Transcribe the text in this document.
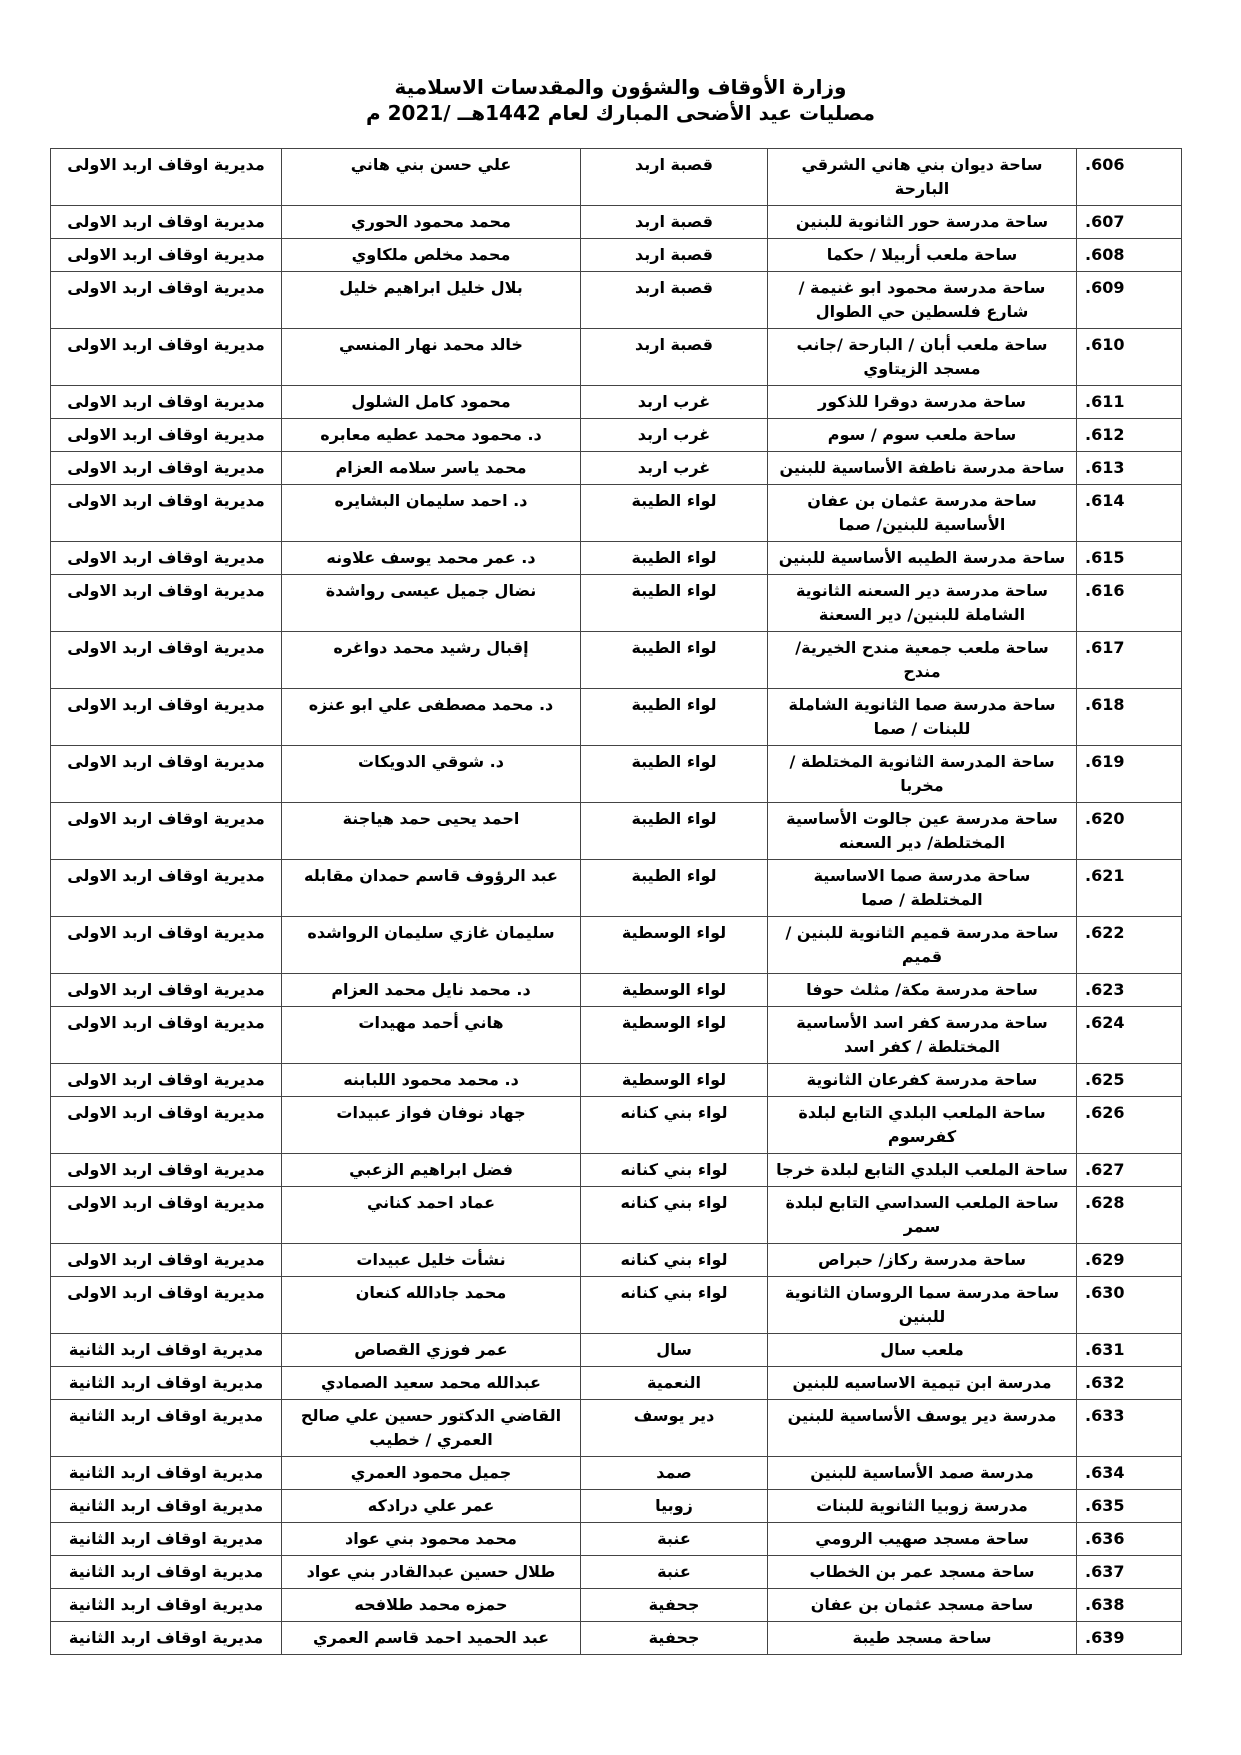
وزارة الأوقاف والشؤون والمقدسات الاسلامية
مصليات عيد الأضحى المبارك لعام 1442هــ /2021 م
.606	ساحة ديوان بني هاني الشرقي البارحة	قصبة اربد	علي حسن بني هاني	مديرية اوقاف اربد الاولى
.607	ساحة مدرسة حور الثانوية للبنين	قصبة اربد	محمد محمود الحوري	مديرية اوقاف اربد الاولى
.608	ساحة ملعب أربيلا / حكما	قصبة اربد	محمد مخلص ملكاوي	مديرية اوقاف اربد الاولى
.609	ساحة مدرسة محمود ابو غنيمة / شارع فلسطين حي الطوال	قصبة اربد	بلال خليل ابراهيم خليل	مديرية اوقاف اربد الاولى
.610	ساحة ملعب أبان / البارحة /جانب مسجد الزيتاوي	قصبة اربد	خالد محمد نهار المنسي	مديرية اوقاف اربد الاولى
.611	ساحة مدرسة دوقرا للذكور	غرب اربد	محمود كامل الشلول	مديرية اوقاف اربد الاولى
.612	ساحة ملعب سوم / سوم	غرب اربد	د. محمود محمد عطيه معابره	مديرية اوقاف اربد الاولى
.613	ساحة مدرسة ناطفة الأساسية للبنين	غرب اربد	محمد ياسر سلامه العزام	مديرية اوقاف اربد الاولى
.614	ساحة مدرسة عثمان بن عفان الأساسية للبنين/ صما	لواء الطيبة	د. احمد سليمان البشايره	مديرية اوقاف اربد الاولى
.615	ساحة مدرسة الطيبه الأساسية للبنين	لواء الطيبة	د. عمر محمد يوسف علاونه	مديرية اوقاف اربد الاولى
.616	ساحة مدرسة دير السعنه الثانوية الشاملة للبنين/ دير السعنة	لواء الطيبة	نضال جميل عيسى رواشدة	مديرية اوقاف اربد الاولى
.617	ساحة ملعب جمعية مندح الخيرية/ مندح	لواء الطيبة	إقبال رشيد محمد دواغره	مديرية اوقاف اربد الاولى
.618	ساحة مدرسة صما الثانوية الشاملة للبنات / صما	لواء الطيبة	د. محمد مصطفى علي ابو عنزه	مديرية اوقاف اربد الاولى
.619	ساحة المدرسة الثانوية المختلطة / مخربا	لواء الطيبة	د. شوقي الدويكات	مديرية اوقاف اربد الاولى
.620	ساحة مدرسة عين جالوت الأساسية المختلطة/ دير السعنه	لواء الطيبة	احمد يحيى حمد هياجنة	مديرية اوقاف اربد الاولى
.621	ساحة مدرسة صما الاساسية المختلطة / صما	لواء الطيبة	عبد الرؤوف قاسم حمدان مقابله	مديرية اوقاف اربد الاولى
.622	ساحة مدرسة قميم الثانوية للبنين / قميم	لواء الوسطية	سليمان غازي سليمان الرواشده	مديرية اوقاف اربد الاولى
.623	ساحة مدرسة مكة/ مثلث حوفا	لواء الوسطية	د. محمد نايل محمد العزام	مديرية اوقاف اربد الاولى
.624	ساحة مدرسة كفر اسد الأساسية المختلطة / كفر اسد	لواء الوسطية	هاني أحمد مهيدات	مديرية اوقاف اربد الاولى
.625	ساحة مدرسة كفرعان الثانوية	لواء الوسطية	د. محمد محمود اللبابنه	مديرية اوقاف اربد الاولى
.626	ساحة الملعب البلدي التابع لبلدة كفرسوم	لواء بني كنانه	جهاد نوفان فواز عبيدات	مديرية اوقاف اربد الاولى
.627	ساحة الملعب البلدي التابع لبلدة خرجا	لواء بني كنانه	فضل ابراهيم الزعبي	مديرية اوقاف اربد الاولى
.628	ساحة الملعب السداسي التابع لبلدة سمر	لواء بني كنانه	عماد احمد كناني	مديرية اوقاف اربد الاولى
.629	ساحة مدرسة ركاز/ حبراص	لواء بني كنانه	نشأت خليل عبيدات	مديرية اوقاف اربد الاولى
.630	ساحة مدرسة سما الروسان الثانوية للبنين	لواء بني كنانه	محمد جادالله كنعان	مديرية اوقاف اربد الاولى
.631	ملعب سال	سال	عمر فوزي القصاص	مديرية اوقاف اربد الثانية
.632	مدرسة ابن تيمية الاساسيه للبنين	النعمية	عبدالله محمد سعيد الصمادي	مديرية اوقاف اربد الثانية
.633	مدرسة دير يوسف الأساسية للبنين	دير يوسف	القاضي الدكتور حسين علي صالح العمري / خطيب	مديرية اوقاف اربد الثانية
.634	مدرسة صمد الأساسية للبنين	صمد	جميل محمود العمري	مديرية اوقاف اربد الثانية
.635	مدرسة زوبيا الثانوية للبنات	زوبيا	عمر علي درادكه	مديرية اوقاف اربد الثانية
.636	ساحة مسجد صهيب الرومي	عنبة	محمد محمود بني عواد	مديرية اوقاف اربد الثانية
.637	ساحة مسجد عمر بن الخطاب	عنبة	طلال حسين عبدالقادر بني عواد	مديرية اوقاف اربد الثانية
.638	ساحة مسجد عثمان بن عفان	جحفية	حمزه محمد طلافحه	مديرية اوقاف اربد الثانية
.639	ساحة مسجد طيبة	جحفية	عبد الحميد احمد قاسم العمري	مديرية اوقاف اربد الثانية
